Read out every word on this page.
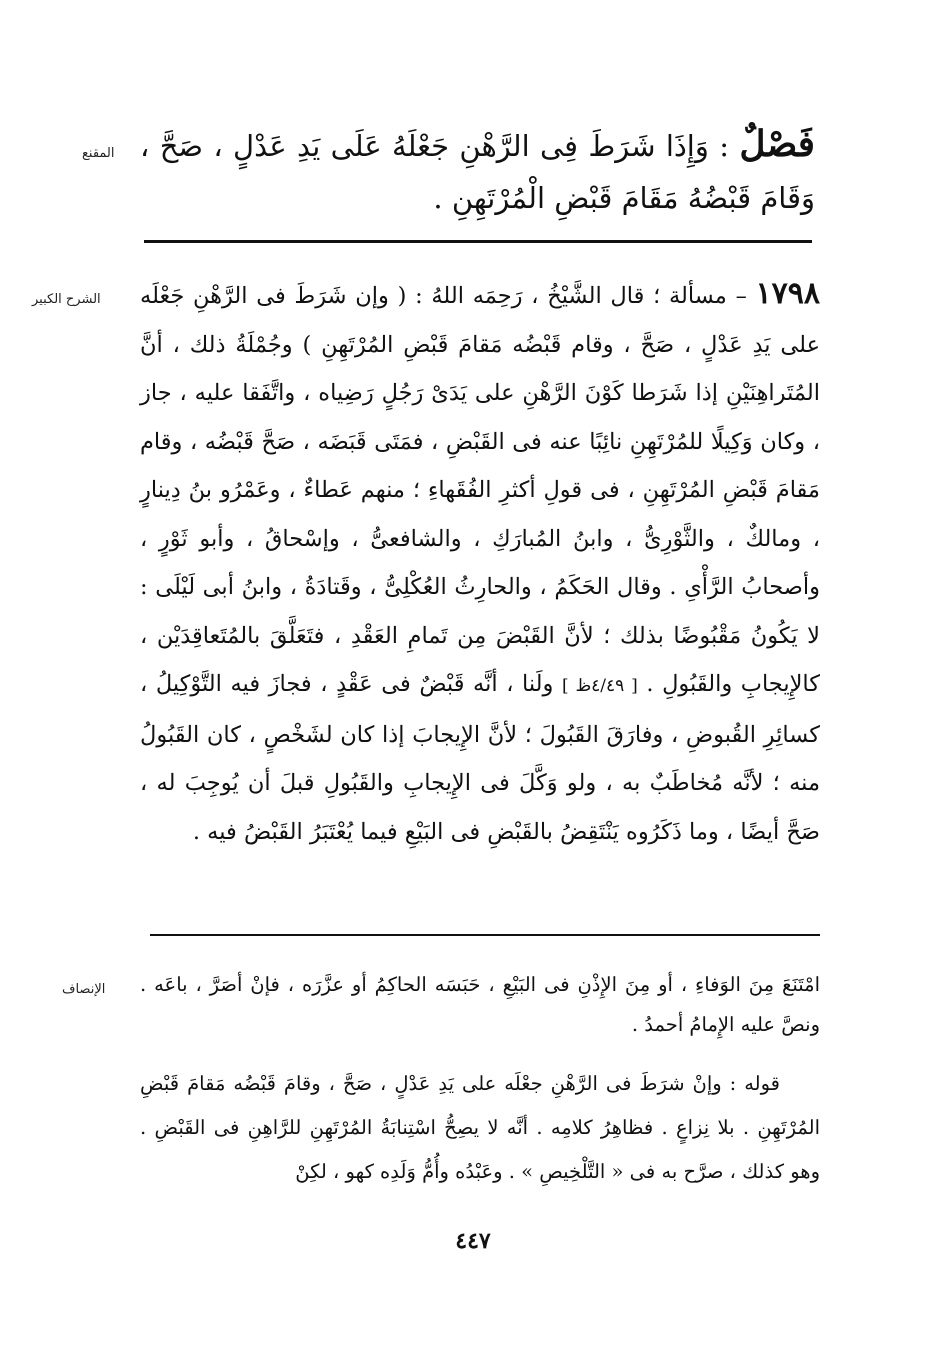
المقنع	فَصْلٌ : وَإِذَا شَرَطَ فِى الرَّهْنِ جَعْلَهُ عَلَى يَدِ عَدْلٍ ، صَحَّ ، وَقَامَ قَبْضُهُ مَقَامَ قَبْضِ الْمُرْتَهِنِ .
الشرح الكبير	١٧٩٨ – مسألة ؛ قال الشَّيْخُ ، رَحِمَه اللهُ : ( وإن شَرَطَ فى الرَّهْنِ جَعْلَه على يَدِ عَدْلٍ ، صَحَّ ، وقام قَبْضُه مَقامَ قَبْضِ المُرْتَهِنِ ) وجُمْلَةُ ذلك ، أنَّ المُتَراهِنَيْنِ إذا شَرَطا كَوْنَ الرَّهْنِ على يَدَىْ رَجُلٍ رَضِياه ، واتَّفَقا عليه ، جاز ، وكان وَكِيلًا للمُرْتَهِنِ نائِبًا عنه فى القَبْضِ ، فمَتَى قَبَضَه ، صَحَّ قَبْضُه ، وقام مَقامَ قَبْضِ المُرْتَهِنِ ، فى قولِ أكثرِ الفُقَهاءِ ؛ منهم عَطاءٌ ، وعَمْرُو بنُ دِينارٍ ، ومالكٌ ، والثَّوْرِىُّ ، وابنُ المُبارَكِ ، والشافعىُّ ، وإسْحاقُ ، وأبو ثَوْرٍ ، وأصحابُ الرَّأْىِ . وقال الحَكَمُ ، والحارِثُ العُكْلِىُّ ، وقَتادَةُ ، وابنُ أبى لَيْلَى : لا يَكُونُ مَقْبُوضًا بذلك ؛ لأنَّ القَبْضَ مِن تَمامِ العَقْدِ ، فتَعَلَّقَ بالمُتَعاقِدَيْن ، كالإِيجابِ والقَبُولِ . [ ٤/٤٩ظ ] ولَنا ، أنَّه قَبْضٌ فى عَقْدٍ ، فجازَ فيه التَّوْكِيلُ ، كسائِرِ القُبوضِ ، وفارَقَ القَبُولَ ؛ لأنَّ الإِيجابَ إذا كان لشَخْصٍ ، كان القَبُولُ منه ؛ لأنَّه مُخاطَبٌ به ، ولو وَكَّلَ فى الإِيجابِ والقَبُولِ قبلَ أن يُوجِبَ له ، صَحَّ أيضًا ، وما ذَكَرُوه يَنْتَقِضُ بالقَبْضِ فى البَيْعِ فيما يُعْتَبَرُ القَبْضُ فيه .
الإنصاف امْتَنَعَ مِنَ الوَفاءِ ، أو مِنَ الإِذْنِ فى البَيْعِ ، حَبَسَه الحاكِمُ أو عزَّرَه ، فإنْ أصَرَّ ، باعَه . ونصَّ عليه الإِمامُ أحمدُ .
قوله : وإنْ شرَطَ فى الرَّهْنِ جعْلَه على يَدِ عَدْلٍ ، صَحَّ ، وقامَ قَبْضُه مَقامَ قَبْضِ المُرْتَهِنِ . بلا نِزاعٍ . فظاهِرُ كلامِه . أنَّه لا يصِحُّ اسْتِنابَةُ المُرْتَهِنِ للرَّاهِنِ فى القَبْضِ . وهو كذلك ، صرَّح به فى « التَّلْخِيصِ » . وعَبْدُه وأُمُّ وَلَدِه كهو ، لكِنْ
٤٤٧
